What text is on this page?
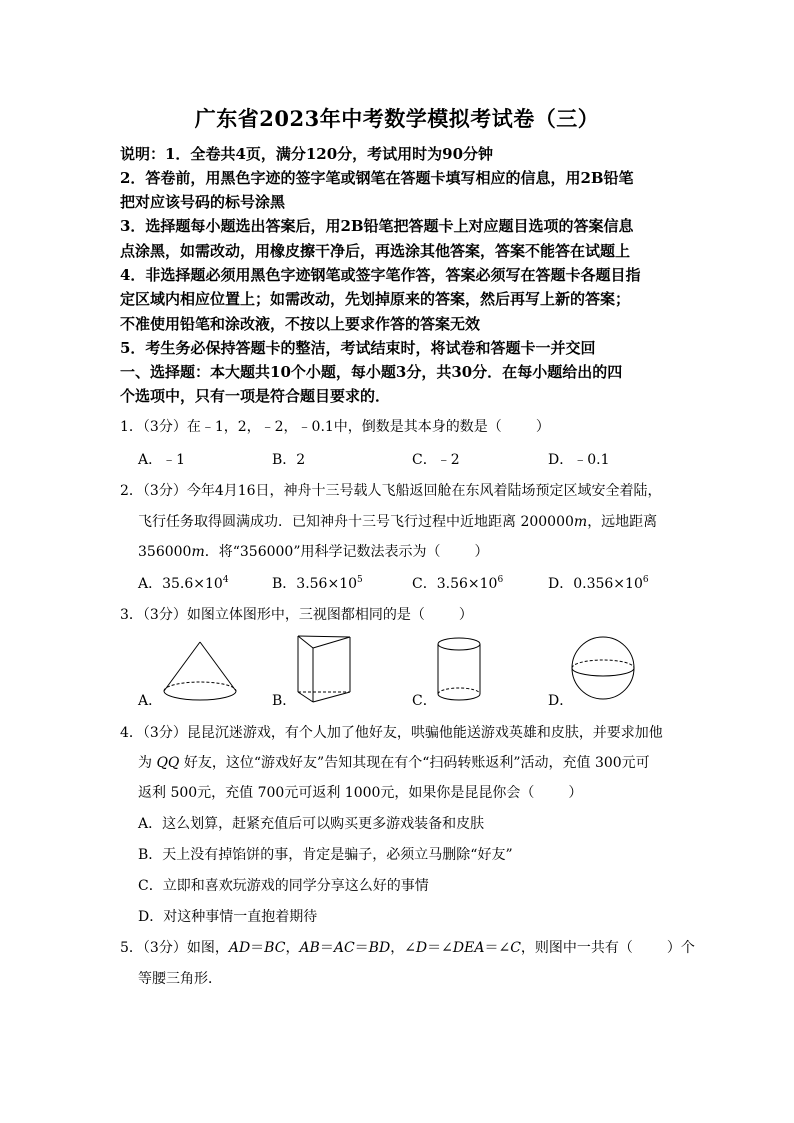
广东省2023年中考数学模拟考试卷（三）
说明：1．全卷共4页，满分120分，考试用时为90分钟
2．答卷前，用黑色字迹的签字笔或钢笔在答题卡填写相应的信息，用2B铅笔
把对应该号码的标号涂黑
3．选择题每小题选出答案后，用2B铅笔把答题卡上对应题目选项的答案信息
点涂黑，如需改动，用橡皮擦干净后，再选涂其他答案，答案不能答在试题上
4．非选择题必须用黑色字迹钢笔或签字笔作答，答案必须写在答题卡各题目指
定区域内相应位置上；如需改动，先划掉原来的答案，然后再写上新的答案；
不准使用铅笔和涂改液，不按以上要求作答的答案无效
5．考生务必保持答题卡的整洁，考试结束时，将试卷和答题卡一并交回
一、选择题：本大题共10个小题，每小题3分，共30分．在每小题给出的四
个选项中，只有一项是符合题目要求的．
1．（3分）在﹣1，2，﹣2，﹣0.1中，倒数是其本身的数是（ ）
A．﹣1	B．2	C．﹣2	D．﹣0.1
2．（3分）今年4月16日，神舟十三号载人飞船返回舱在东风着陆场预定区域安全着陆，
飞行任务取得圆满成功．已知神舟十三号飞行过程中近地距离 200000m，远地距离
356000m．将“356000”用科学记数法表示为（ ）
A．$35.6\times 10^4$	B．$3.56\times 10^5$	C．$3.56\times 10^6$	D．$0.356\times 10^6$
3．（3分）如图立体图形中，三视图都相同的是（ ）
A．	B．	C．	D．
4．（3分）昆昆沉迷游戏，有个人加了他好友，哄骗他能送游戏英雄和皮肤，并要求加他
为 QQ 好友，这位“游戏好友”告知其现在有个“扫码转账返利”活动，充值 300元可
返利 500元，充值 700元可返利 1000元，如果你是昆昆你会（ ）
A．这么划算，赶紧充值后可以购买更多游戏装备和皮肤
B．天上没有掉馅饼的事，肯定是骗子，必须立马删除“好友”
C．立即和喜欢玩游戏的同学分享这么好的事情
D．对这种事情一直抱着期待
5．（3分）如图，AD＝BC，AB＝AC＝BD，∠D＝∠DEA＝∠C，则图中一共有（ ）个
等腰三角形．
